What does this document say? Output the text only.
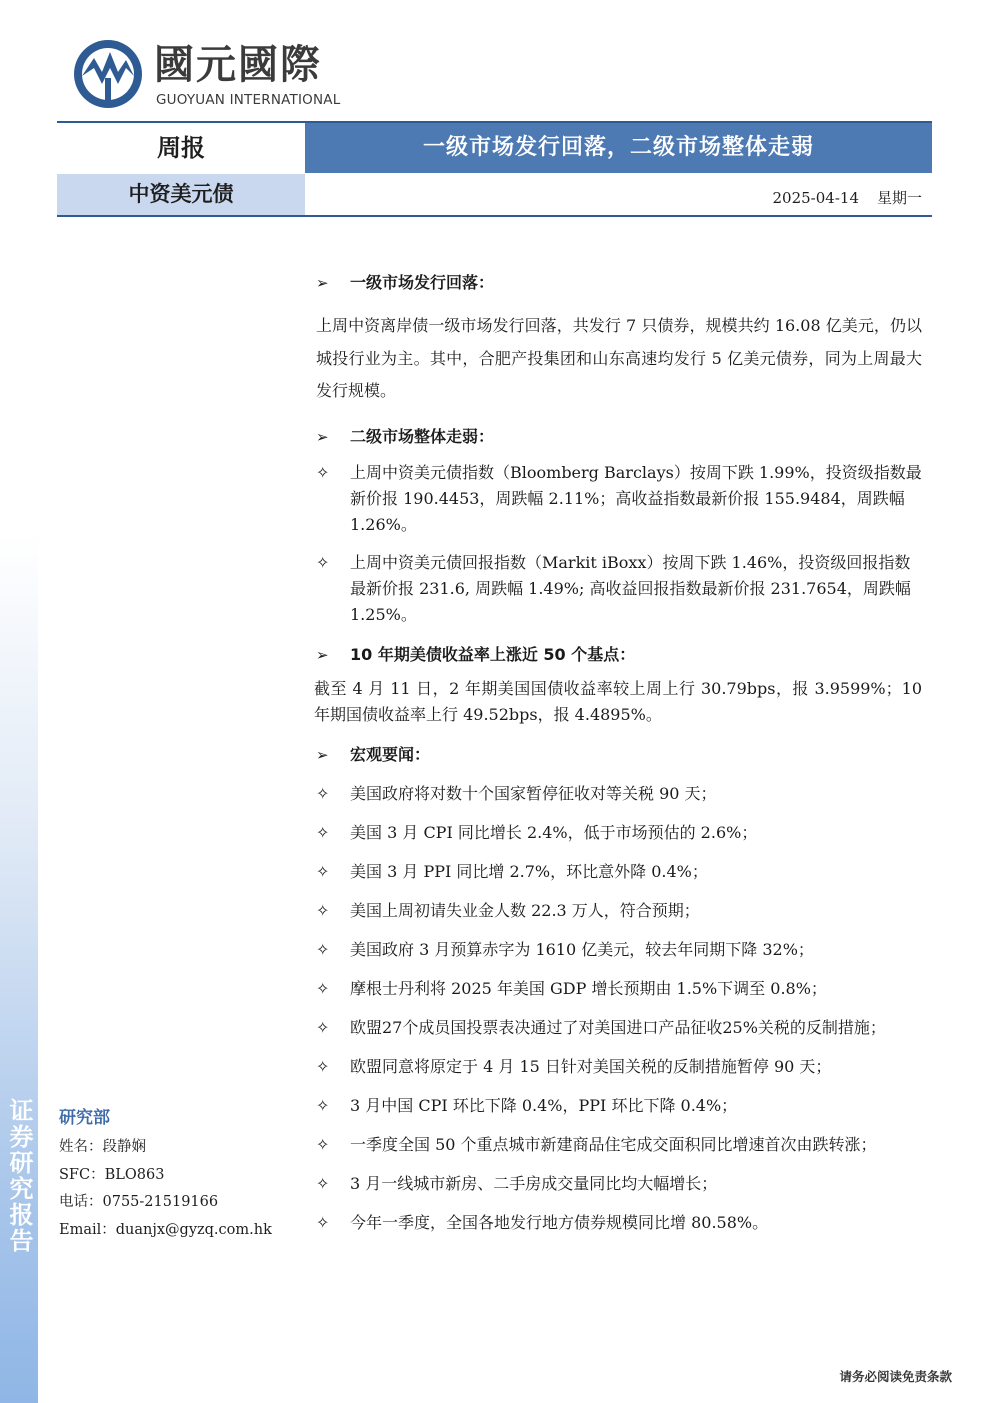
证券研究报告
國元國際
GUOYUAN INTERNATIONAL
周报	一级市场发行回落，二级市场整体走弱
中资美元债	2025-04-14 星期一
➢ 一级市场发行回落：
上周中资离岸债一级市场发行回落，共发行 7 只债券，规模共约 16.08 亿美元，仍以城投行业为主。其中，合肥产投集团和山东高速均发行 5 亿美元债券，同为上周最大发行规模。
➢ 二级市场整体走弱：
✧ 上周中资美元债指数（Bloomberg Barclays）按周下跌 1.99%，投资级指数最新价报 190.4453，周跌幅 2.11%；高收益指数最新价报 155.9484，周跌幅 1.26%。
✧ 上周中资美元债回报指数（Markit iBoxx）按周下跌 1.46%，投资级回报指数最新价报 231.6, 周跌幅 1.49%; 高收益回报指数最新价报 231.7654，周跌幅 1.25%。
➢ 10 年期美债收益率上涨近 50 个基点：
截至 4 月 11 日，2 年期美国国债收益率较上周上行 30.79bps，报 3.9599%；10 年期国债收益率上行 49.52bps，报 4.4895%。
➢ 宏观要闻：
✧ 美国政府将对数十个国家暂停征收对等关税 90 天；
✧ 美国 3 月 CPI 同比增长 2.4%，低于市场预估的 2.6%；
✧ 美国 3 月 PPI 同比增 2.7%，环比意外降 0.4%；
✧ 美国上周初请失业金人数 22.3 万人，符合预期；
✧ 美国政府 3 月预算赤字为 1610 亿美元，较去年同期下降 32%；
✧ 摩根士丹利将 2025 年美国 GDP 增长预期由 1.5%下调至 0.8%；
✧ 欧盟27个成员国投票表决通过了对美国进口产品征收25%关税的反制措施；
✧ 欧盟同意将原定于 4 月 15 日针对美国关税的反制措施暂停 90 天；
✧ 3 月中国 CPI 环比下降 0.4%，PPI 环比下降 0.4%；
✧ 一季度全国 50 个重点城市新建商品住宅成交面积同比增速首次由跌转涨；
✧ 3 月一线城市新房、二手房成交量同比均大幅增长；
✧ 今年一季度，全国各地发行地方债券规模同比增 80.58%。
研究部
姓名：段静娴
SFC：BLO863
电话：0755-21519166
Email：duanjx@gyzq.com.hk
请务必阅读免责条款
